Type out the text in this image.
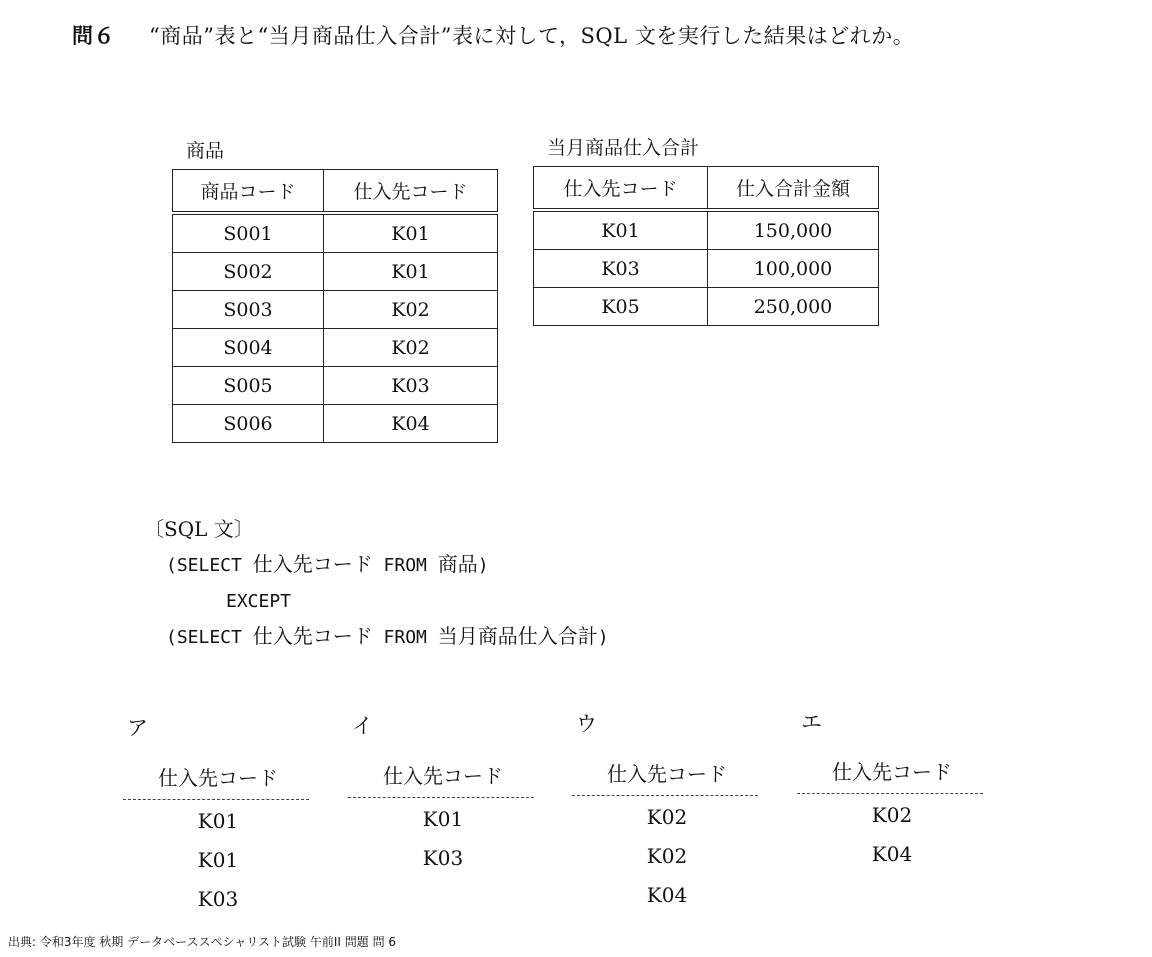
問６ “商品”表と“当月商品仕入合計”表に対して，SQL 文を実行した結果はどれか。
商品
商品コード	仕入先コード
S001	K01
S002	K01
S003	K02
S004	K02
S005	K03
S006	K04
当月商品仕入合計
仕入先コード	仕入合計金額
K01	150,000
K03	100,000
K05	250,000
〔SQL 文〕
(SELECT 仕入先コード FROM 商品)
EXCEPT
(SELECT 仕入先コード FROM 当月商品仕入合計)
ア
仕入先コード
K01
K01
K03
イ
仕入先コード
K01
K03
ウ
仕入先コード
K02
K02
K04
エ
仕入先コード
K02
K04
出典: 令和3年度 秋期 データベーススペシャリスト試験 午前II 問題 問 6
